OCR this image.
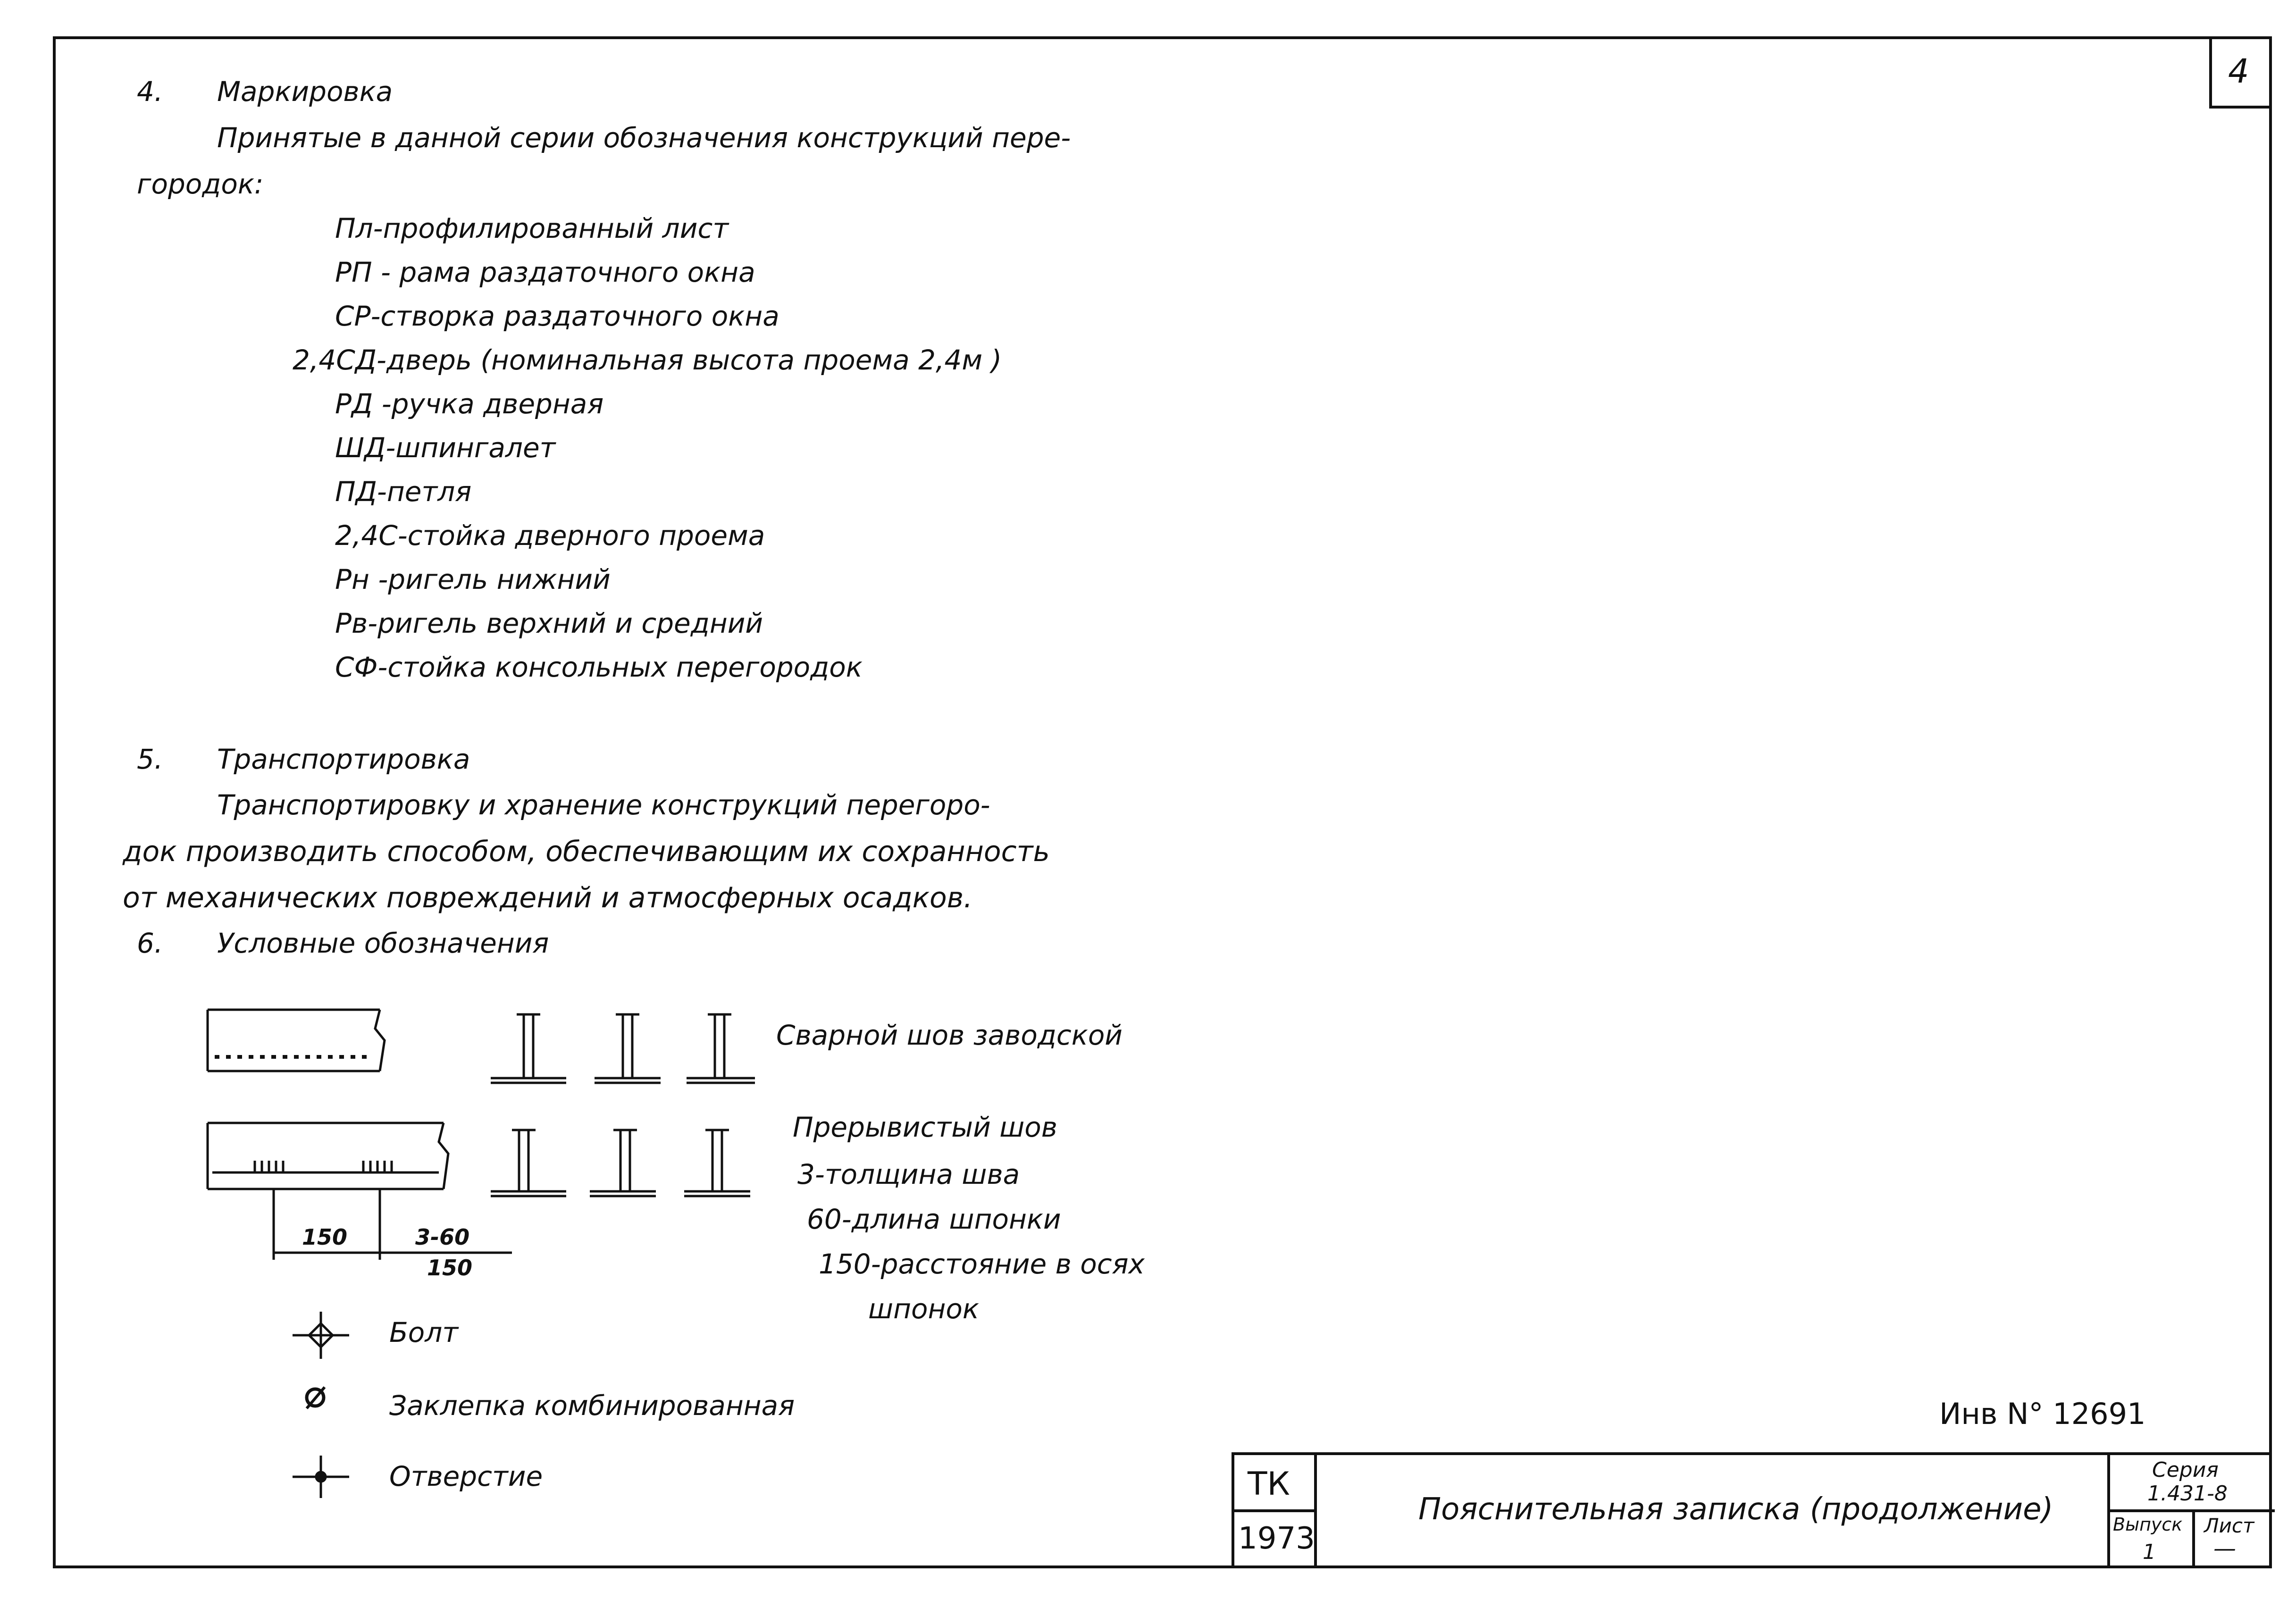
4
4. Маркировка
Принятые в данной серии обозначения конструкций пере-
городок:
Пл-профилированный лист
РП - рама раздаточного окна
СР-створка раздаточного окна
2,4СД-дверь (номинальная высота проема 2,4м )
РД -ручка дверная
ШД-шпингалет
ПД-петля
2,4С-стойка дверного проема
Рн -ригель нижний
Рв-ригель верхний и средний
СФ-стойка консольных перегородок
5. Транспортировка
Транспортировку и хранение конструкций перегоро-
док производить способом, обеспечивающим их сохранность
от механических повреждений и атмосферных осадков.
6. Условные обозначения
Сварной шов заводской
Прерывистый шов
3-толщина шва
60-длина шпонки
150-расстояние в осях
шпонок
150	3-60
150
Болт
Заклепка комбинированная
Отверстие
Инв N° 12691
ТК
1973
Пояснительная записка (продолжение)
Серия
1.431-8
Выпуск
1
Лист
—
